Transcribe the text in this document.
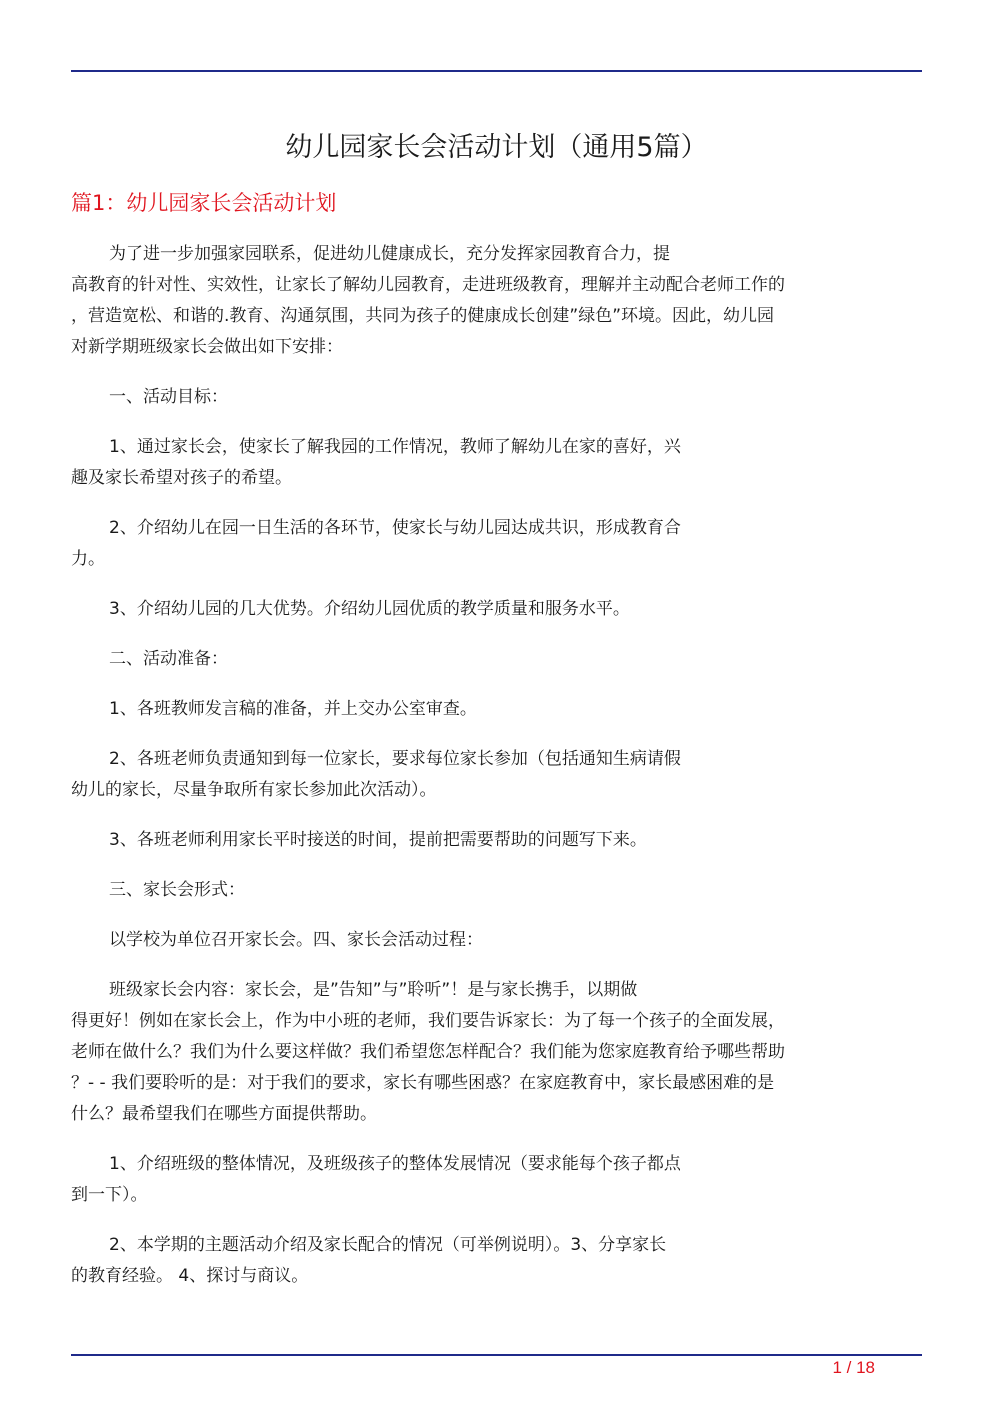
幼儿园家长会活动计划（通用5篇）
篇1：幼儿园家长会活动计划

为了进一步加强家园联系，促进幼儿健康成长，充分发挥家园教育合力，提
高教育的针对性、实效性，让家长了解幼儿园教育，走进班级教育，理解并主动配合老师工作的
，营造宽松、和谐的.教育、沟通氛围，共同为孩子的健康成长创建”绿色”环境。因此，幼儿园
对新学期班级家长会做出如下安排：

一、活动目标：

1、通过家长会，使家长了解我园的工作情况，教师了解幼儿在家的喜好，兴
趣及家长希望对孩子的希望。

2、介绍幼儿在园一日生活的各环节，使家长与幼儿园达成共识，形成教育合
力。

3、介绍幼儿园的几大优势。介绍幼儿园优质的教学质量和服务水平。

二、活动准备：

1、各班教师发言稿的准备，并上交办公室审查。

2、各班老师负责通知到每一位家长，要求每位家长参加（包括通知生病请假
幼儿的家长，尽量争取所有家长参加此次活动）。

3、各班老师利用家长平时接送的时间，提前把需要帮助的问题写下来。

三、家长会形式：

以学校为单位召开家长会。四、家长会活动过程：

班级家长会内容：家长会，是”告知”与”聆听”！是与家长携手，以期做
得更好！例如在家长会上，作为中小班的老师，我们要告诉家长：为了每一个孩子的全面发展，
老师在做什么？我们为什么要这样做？我们希望您怎样配合？我们能为您家庭教育给予哪些帮助
？- - 我们要聆听的是：对于我们的要求，家长有哪些困惑？在家庭教育中，家长最感困难的是
什么？最希望我们在哪些方面提供帮助。

1、介绍班级的整体情况，及班级孩子的整体发展情况（要求能每个孩子都点
到一下）。

2、本学期的主题活动介绍及家长配合的情况（可举例说明）。3、分享家长
的教育经验。 4、探讨与商议。

1 / 18
